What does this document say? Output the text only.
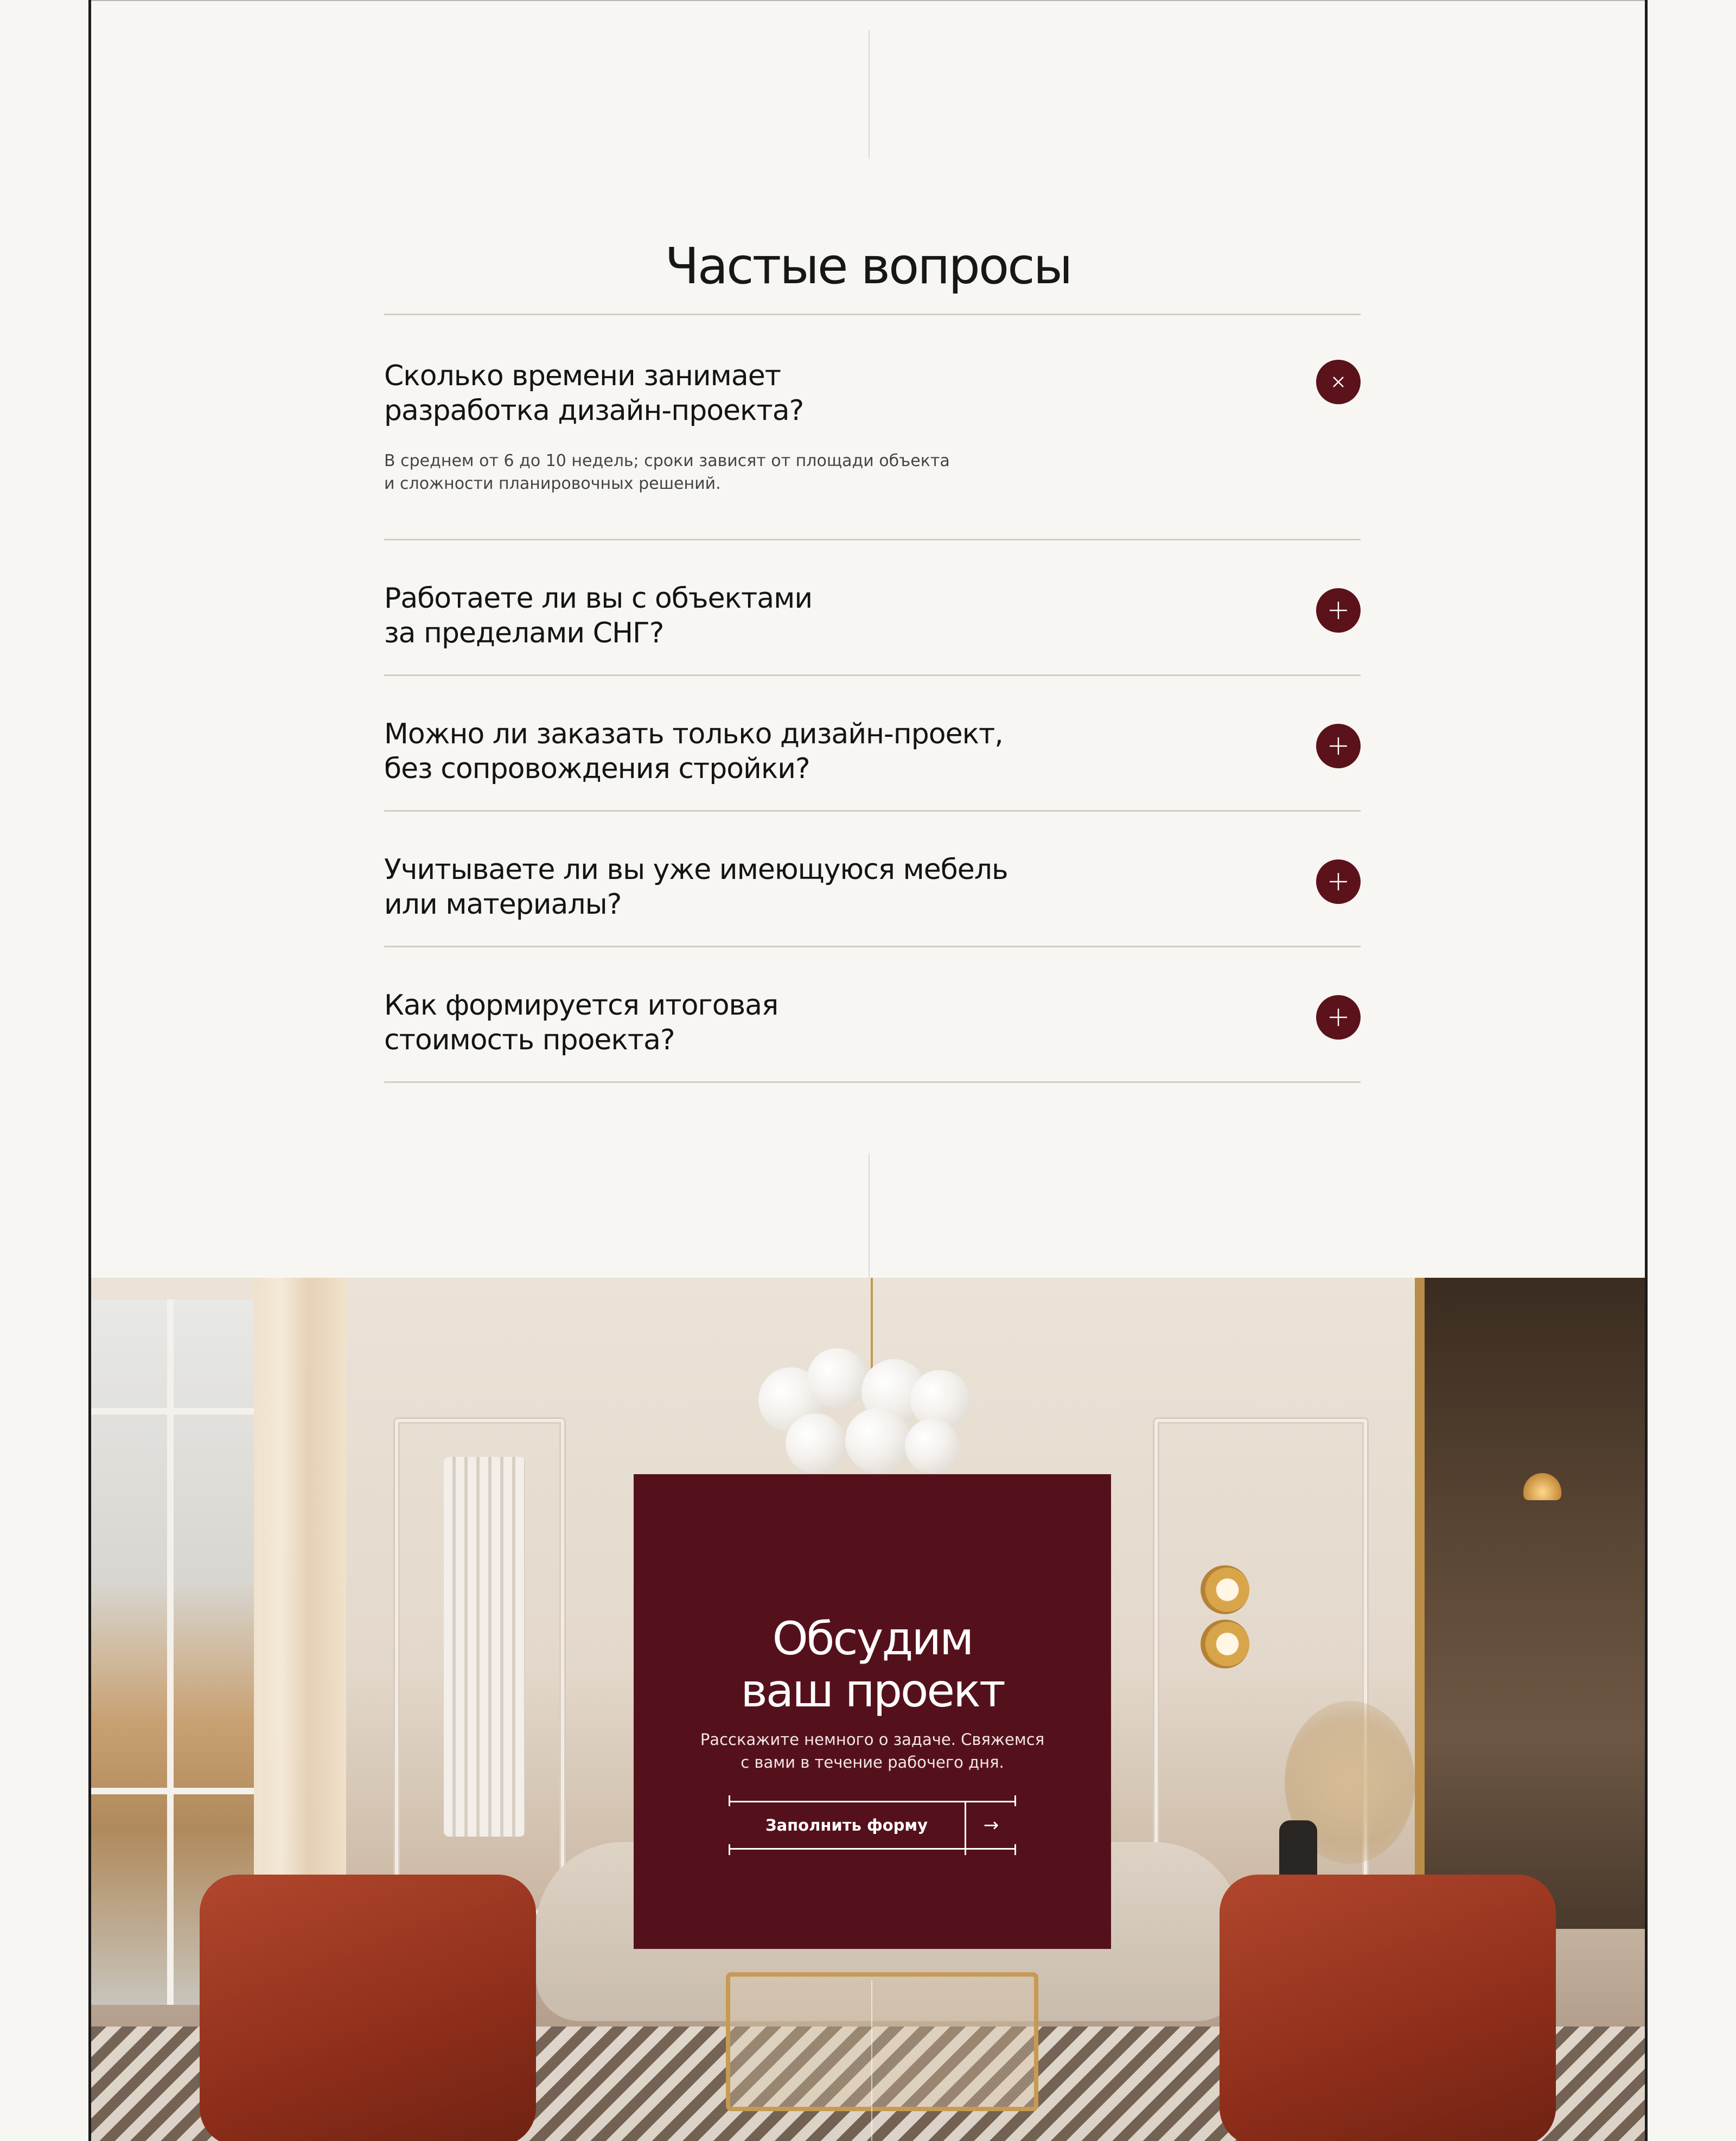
Частые вопросы
Сколько времени занимает
разработка дизайн-проекта?
В среднем от 6 до 10 недель; сроки зависят от площади объекта
и сложности планировочных решений.
Работаете ли вы с объектами
за пределами СНГ?
Можно ли заказать только дизайн-проект,
без сопровождения стройки?
Учитываете ли вы уже имеющуюся мебель
или материалы?
Как формируется итоговая
стоимость проекта?
Обсудим
ваш проект

Расскажите немного о задаче. Свяжемся
с вами в течение рабочего дня.

Заполнить форму	→
